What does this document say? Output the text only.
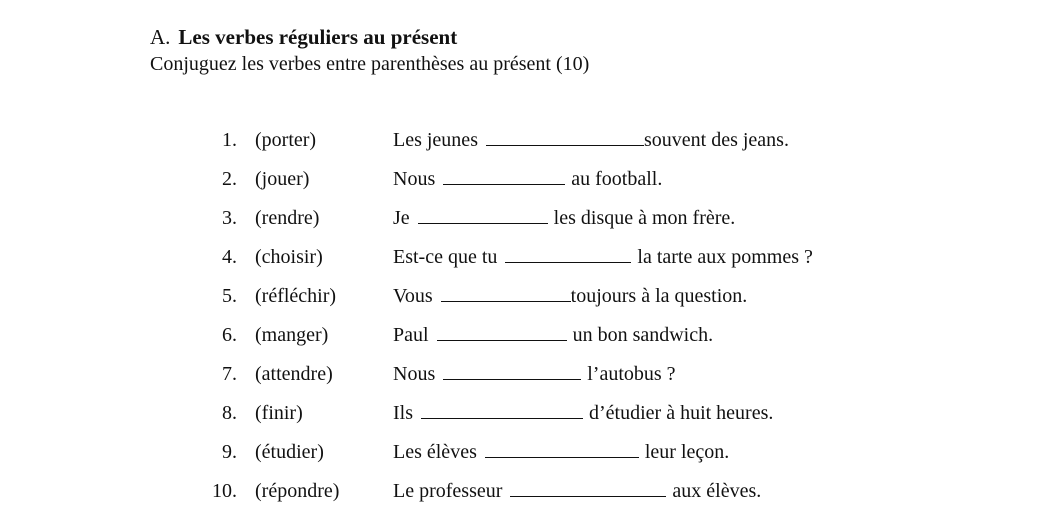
A. Les verbes réguliers au présent
Conjuguez les verbes entre parenthèses au présent (10)
1. (porter)	Les jeunes	souvent des jeans.
2. (jouer)	Nous	au football.
3. (rendre)	Je	les disque à mon frère.
4. (choisir)	Est-ce que tu	la tarte aux pommes ?
5. (réfléchir)	Vous	toujours à la question.
6. (manger)	Paul	un bon sandwich.
7. (attendre)	Nous	l’autobus ?
8. (finir)	Ils	d’étudier à huit heures.
9. (étudier)	Les élèves	leur leçon.
10. (répondre)	Le professeur	aux élèves.
